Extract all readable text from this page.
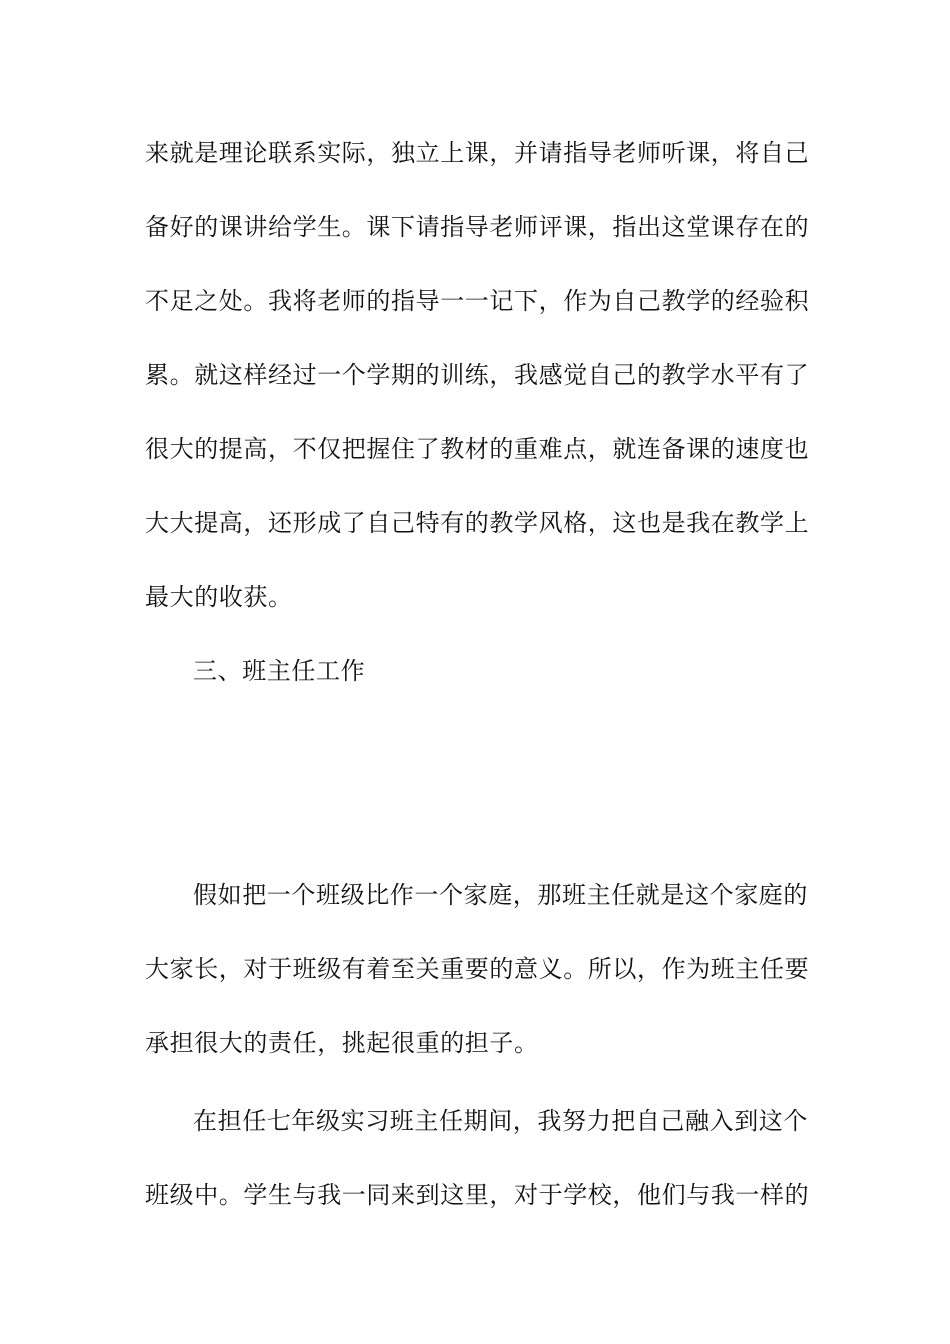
来就是理论联系实际，独立上课，并请指导老师听课，将自己
备好的课讲给学生。课下请指导老师评课，指出这堂课存在的
不足之处。我将老师的指导一一记下，作为自己教学的经验积
累。就这样经过一个学期的训练，我感觉自己的教学水平有了
很大的提高，不仅把握住了教材的重难点，就连备课的速度也
大大提高，还形成了自己特有的教学风格，这也是我在教学上
最大的收获。
三、班主任工作
假如把一个班级比作一个家庭，那班主任就是这个家庭的
大家长，对于班级有着至关重要的意义。所以，作为班主任要
承担很大的责任，挑起很重的担子。
在担任七年级实习班主任期间，我努力把自己融入到这个
班级中。学生与我一同来到这里，对于学校，他们与我一样的
